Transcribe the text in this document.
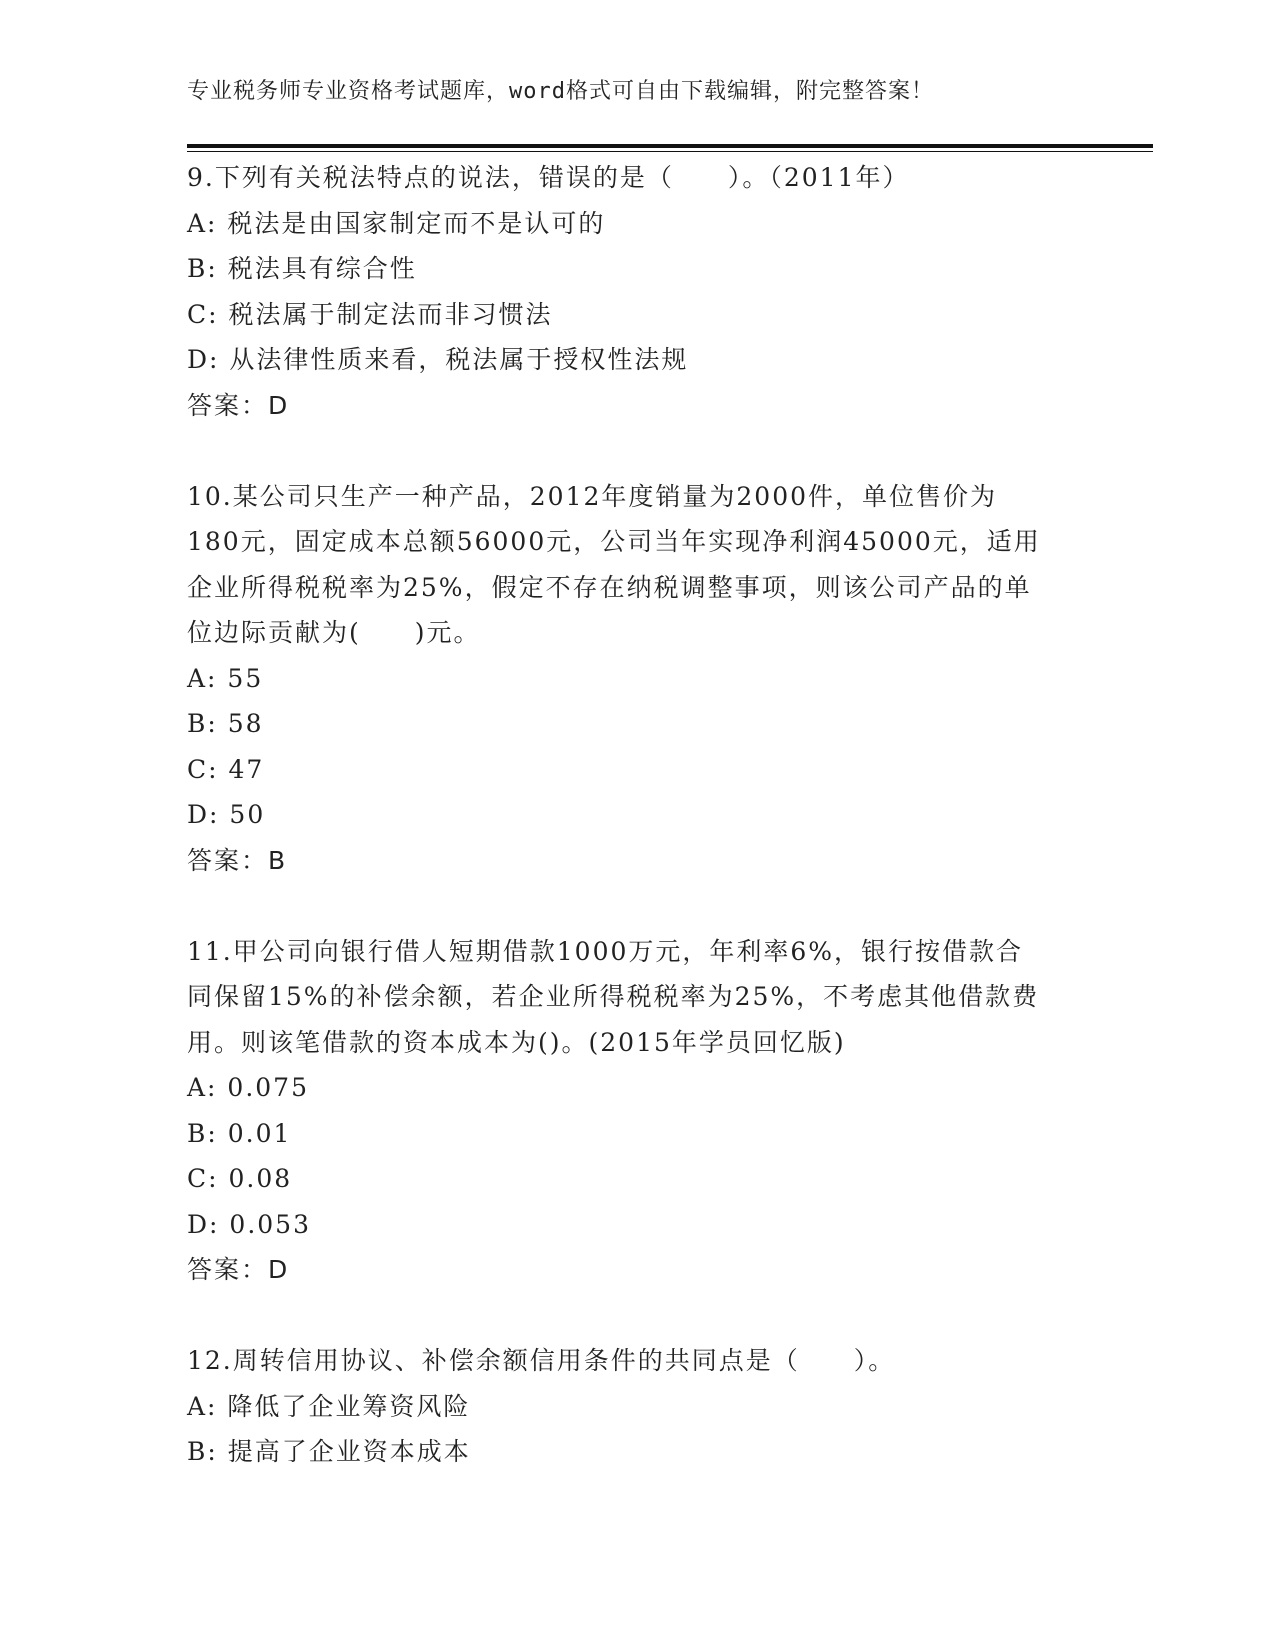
专业税务师专业资格考试题库，word格式可自由下载编辑，附完整答案！
9.下列有关税法特点的说法，错误的是（　　）。（2011年）
A: 税法是由国家制定而不是认可的
B: 税法具有综合性
C: 税法属于制定法而非习惯法
D: 从法律性质来看，税法属于授权性法规
答案：D
10.某公司只生产一种产品，2012年度销量为2000件，单位售价为
180元，固定成本总额56000元，公司当年实现净利润45000元，适用
企业所得税税率为25%，假定不存在纳税调整事项，则该公司产品的单
位边际贡献为(　　)元。
A: 55
B: 58
C: 47
D: 50
答案：B
11.甲公司向银行借人短期借款1000万元，年利率6%，银行按借款合
同保留15%的补偿余额，若企业所得税税率为25%，不考虑其他借款费
用。则该笔借款的资本成本为()。(2015年学员回忆版)
A: 0.075
B: 0.01
C: 0.08
D: 0.053
答案：D
12.周转信用协议、补偿余额信用条件的共同点是（　　）。
A: 降低了企业筹资风险
B: 提高了企业资本成本
